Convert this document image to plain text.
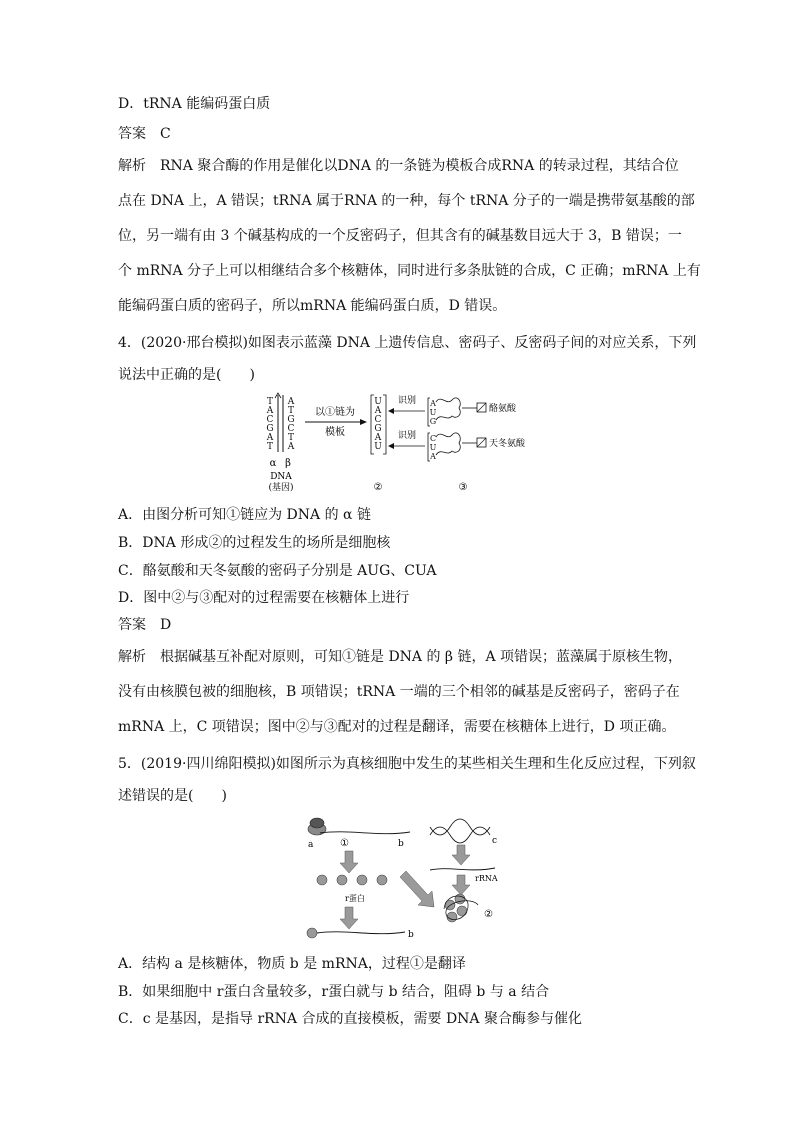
D．tRNA 能编码蛋白质
答案 C
解析 RNA 聚合酶的作用是催化以DNA 的一条链为模板合成RNA 的转录过程，其结合位
点在 DNA 上，A 错误；tRNA 属于RNA 的一种，每个 tRNA 分子的一端是携带氨基酸的部
位，另一端有由 3 个碱基构成的一个反密码子，但其含有的碱基数目远大于 3，B 错误；一
个 mRNA 分子上可以相继结合多个核糖体，同时进行多条肽链的合成，C 正确；mRNA 上有
能编码蛋白质的密码子，所以mRNA 能编码蛋白质，D 错误。
4．(2020·邢台模拟)如图表示蓝藻 DNA 上遗传信息、密码子、反密码子间的对应关系，下列
说法中正确的是(　　)
T
A
C
G
A
T
A
T
G
C
T
A
α β
DNA
(基因)
以①链为
模板
U
A
C
G
A
U
②
识别
识别
A
U
G
酪氨酸
C
U
A
天冬氨酸
③
A．由图分析可知①链应为 DNA 的 α 链
B．DNA 形成②的过程发生的场所是细胞核
C．酪氨酸和天冬氨酸的密码子分别是 AUG、CUA
D．图中②与③配对的过程需要在核糖体上进行
答案 D
解析 根据碱基互补配对原则，可知①链是 DNA 的 β 链，A 项错误；蓝藻属于原核生物，
没有由核膜包被的细胞核，B 项错误；tRNA 一端的三个相邻的碱基是反密码子，密码子在
mRNA 上，C 项错误；图中②与③配对的过程是翻译，需要在核糖体上进行，D 项正确。
5．(2019·四川绵阳模拟)如图所示为真核细胞中发生的某些相关生理和生化反应过程，下列叙
述错误的是(　　)
a	①	b	c
rRNA
r蛋白
②
b
A．结构 a 是核糖体，物质 b 是 mRNA，过程①是翻译
B．如果细胞中 r蛋白含量较多，r蛋白就与 b 结合，阻碍 b 与 a 结合
C．c 是基因，是指导 rRNA 合成的直接模板，需要 DNA 聚合酶参与催化
